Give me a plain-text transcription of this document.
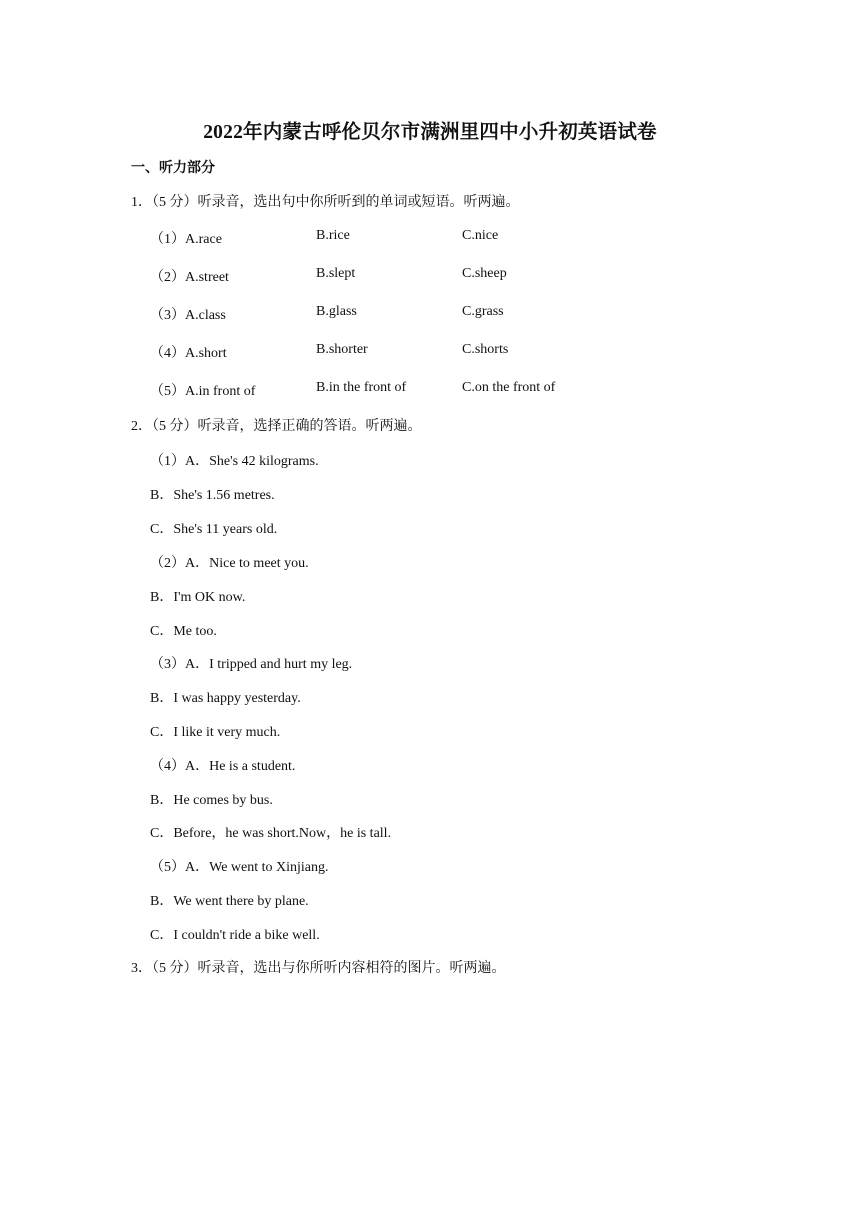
2022年内蒙古呼伦贝尔市满洲里四中小升初英语试卷
一、听力部分
1．（5 分）听录音，选出句中你所听到的单词或短语。听两遍。
（1）A.race	B.rice	C.nice
（2）A.street	B.slept	C.sheep
（3）A.class	B.glass	C.grass
（4）A.short	B.shorter	C.shorts
（5）A.in front of	B.in the front of	C.on the front of
2．（5 分）听录音，选择正确的答语。听两遍。
（1）A．She's 42 kilograms.
B．She's 1.56 metres.
C．She's 11 years old.
（2）A．Nice to meet you.
B．I'm OK now.
C．Me too.
（3）A．I tripped and hurt my leg.
B．I was happy yesterday.
C．I like it very much.
（4）A．He is a student.
B．He comes by bus.
C．Before，he was short.Now，he is tall.
（5）A．We went to Xinjiang.
B．We went there by plane.
C．I couldn't ride a bike well.
3．（5 分）听录音，选出与你所听内容相符的图片。听两遍。
